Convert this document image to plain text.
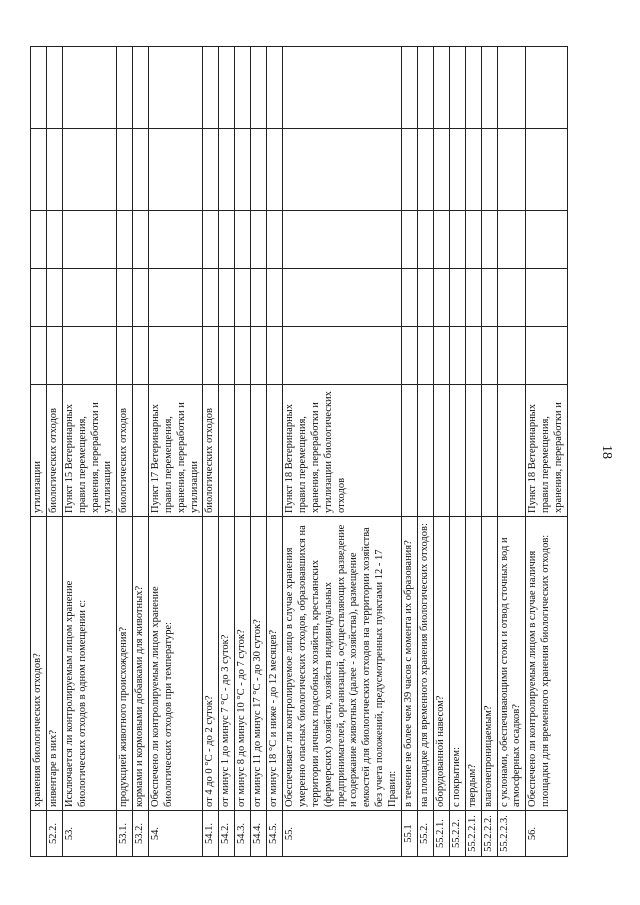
18
	хранения биологических отходов?	утилизации					
52.2.	инвентаре в них?	биологических отходов					
53.	Исключается ли контролируемым лицом хранение биологических отходов в одном помещении с:	Пункт 15 Ветеринарных правил перемещения, хранения, переработки и утилизации					
53.1.	продукцией животного происхождения?	биологических отходов					
53.2.	кормами и кормовыми добавками для животных?						
54.	Обеспечено ли контролируемым лицом хранение биологических отходов при температуре:	Пункт 17 Ветеринарных правил перемещения, хранения, переработки и утилизации					
54.1.	от 4 до 0 °С - до 2 суток?	биологических отходов					
54.2.	от минус 1 до минус 7 °С - до 3 суток?						
54.3.	от минус 8 до минус 10 °С - до 7 суток?						
54.4.	от минус 11 до минус 17 °С - до 30 суток?						
54.5.	от минус 18 °С и ниже - до 12 месяцев?						
55.	Обеспечивает ли контролируемое лицо в случае хранения умеренно опасных биологических отходов, образовавшихся на территории личных подсобных хозяйств, крестьянских (фермерских) хозяйств, хозяйств индивидуальных предпринимателей, организаций, осуществляющих разведение и содержание животных (далее - хозяйства), размещение емкостей для биологических отходов на территории хозяйства без учета положений, предусмотренных пунктами 12 - 17 Правил:	Пункт 18 Ветеринарных правил перемещения, хранения, переработки и утилизации биологических отходов					
55.1	в течение не более чем 39 часов с момента их образования?						
55.2.	на площадке для временного хранения биологических отходов:						
55.2.1.	оборудованной навесом?						
55.2.2.	с покрытием:						
55.2.2.1.	твердым?						
55.2.2.2.	влагонепроницаемым?						
55.2.2.3.	с уклонами, обеспечивающими стоки и отвод сточных вод и атмосферных осадков?						
56.	Обеспечено ли контролируемым лицом в случае наличия площадки для временного хранения биологических отходов:	Пункт 18 Ветеринарных правил перемещения, хранения, переработки и					
